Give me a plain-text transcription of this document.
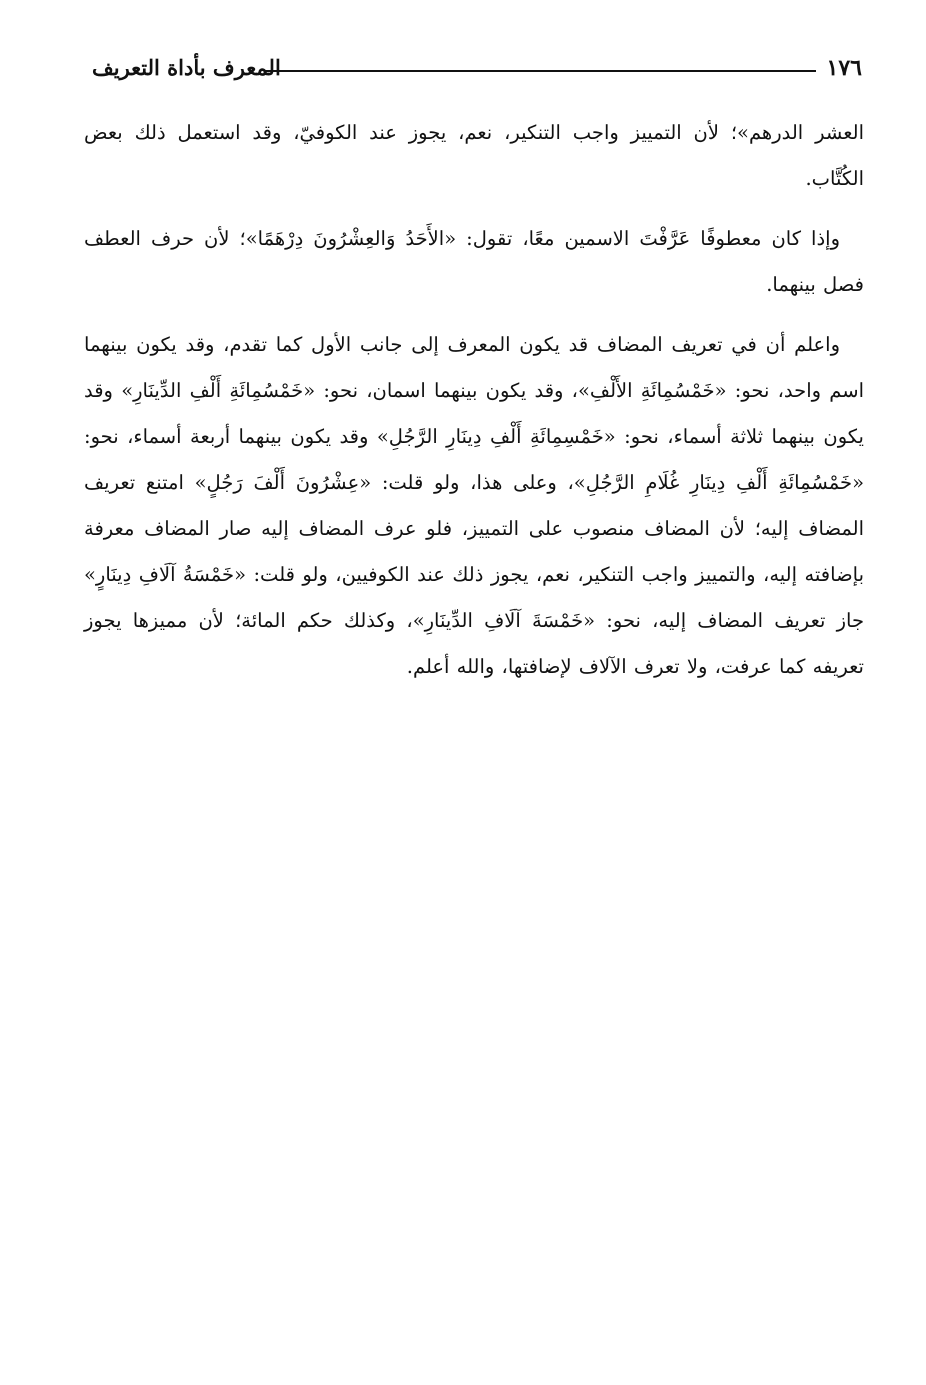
المعرف بأداة التعريف	١٧٦

العشر الدرهم»؛ لأن التمييز واجب التنكير، نعم، يجوز عند الكوفيّ، وقد استعمل ذلك بعض الكُتَّاب.

وإذا كان معطوفًا عَرَّفْتَ الاسمين معًا، تقول: «الأَحَدُ وَالعِشْرُونَ دِرْهَمًا»؛ لأن حرف العطف فصل بينهما.

واعلم أن في تعريف المضاف قد يكون المعرف إلى جانب الأول كما تقدم، وقد يكون بينهما اسم واحد، نحو: «خَمْسُمِائَةِ الأَلْفِ»، وقد يكون بينهما اسمان، نحو: «خَمْسُمِائَةِ أَلْفِ الدِّينَارِ» وقد يكون بينهما ثلاثة أسماء، نحو: «خَمْسِمِائَةِ أَلْفِ دِينَارِ الرَّجُلِ» وقد يكون بينهما أربعة أسماء، نحو: «خَمْسُمِائَةِ أَلْفِ دِينَارِ غُلَامِ الرَّجُلِ»، وعلى هذا، ولو قلت: «عِشْرُونَ أَلْفَ رَجُلٍ» امتنع تعريف المضاف إليه؛ لأن المضاف منصوب على التمييز، فلو عرف المضاف إليه صار المضاف معرفة بإضافته إليه، والتمييز واجب التنكير، نعم، يجوز ذلك عند الكوفيين، ولو قلت: «خَمْسَةُ آلَافِ دِينَارٍ» جاز تعريف المضاف إليه، نحو: «خَمْسَةَ آلَافِ الدِّينَارِ»، وكذلك حكم المائة؛ لأن مميزها يجوز تعريفه كما عرفت، ولا تعرف الآلاف لإضافتها، والله أعلم.
